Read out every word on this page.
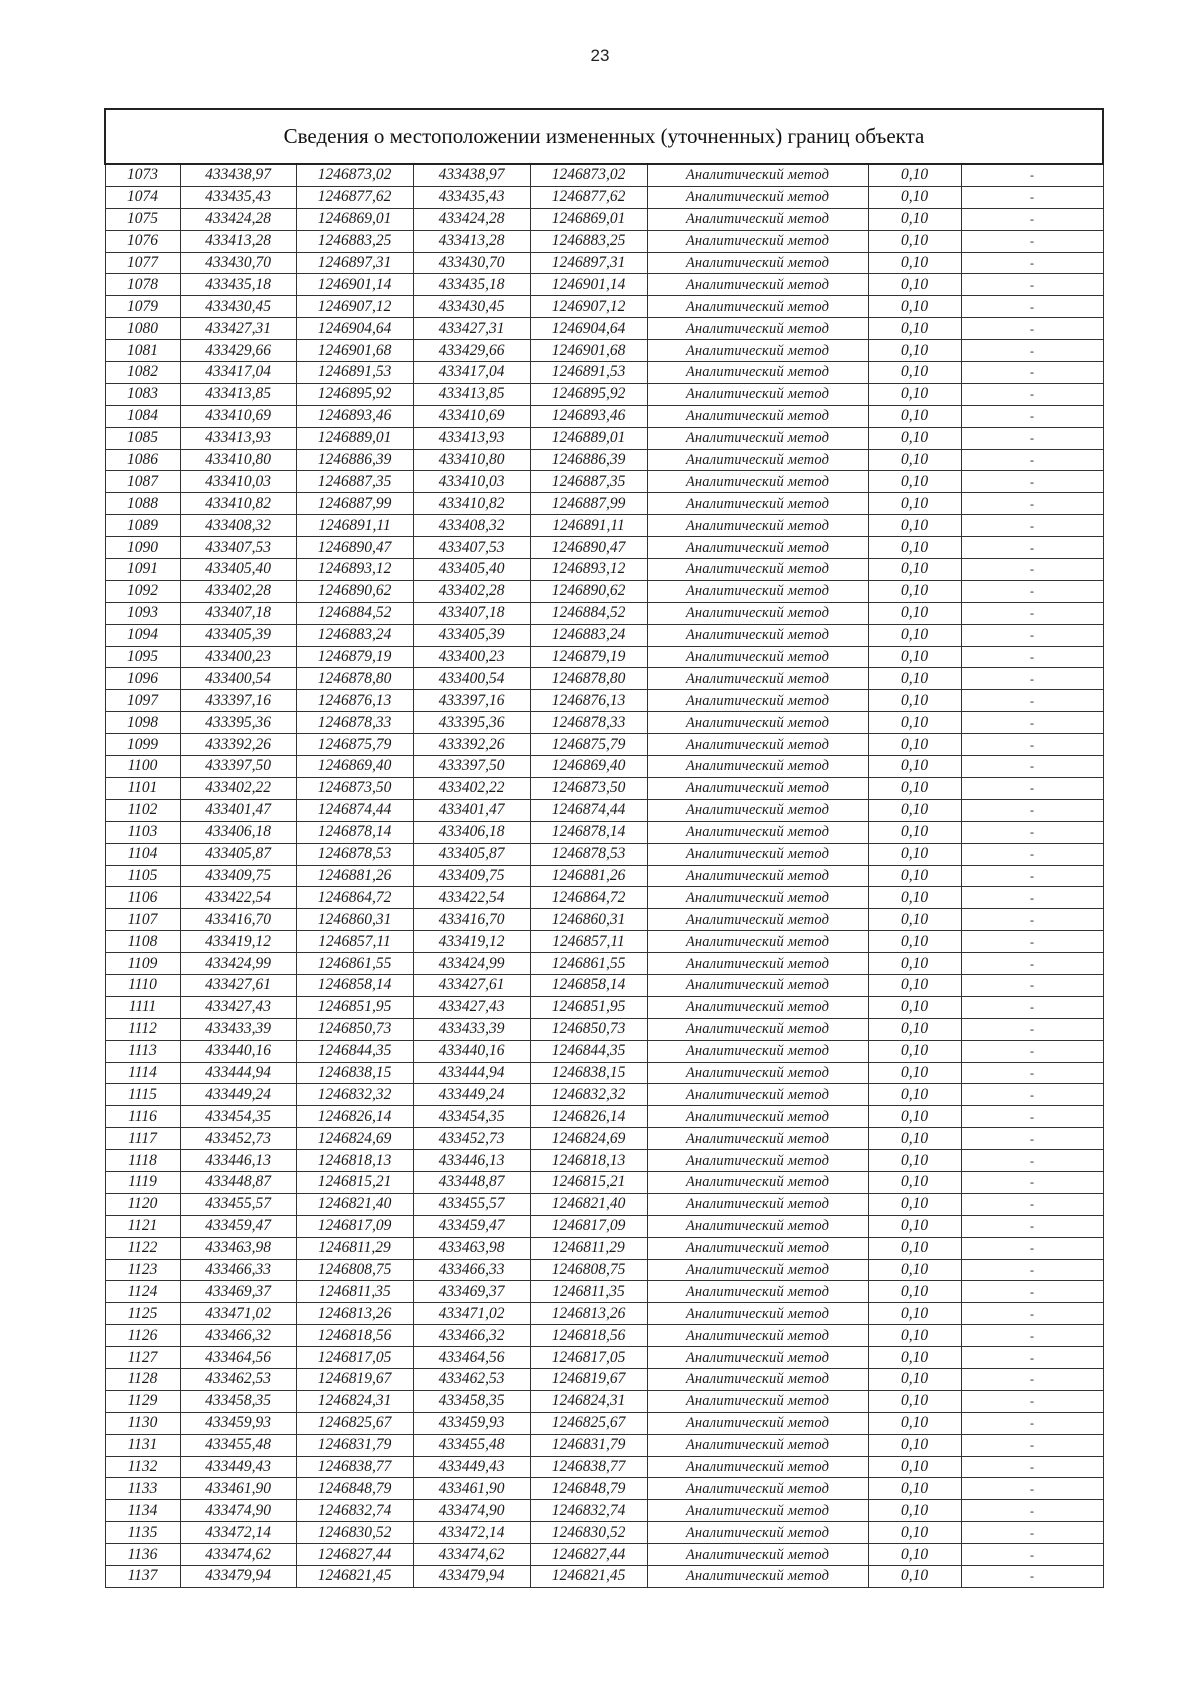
23
Сведения о местоположении измененных (уточненных) границ объекта							
1073	433438,97	1246873,02	433438,97	1246873,02	Аналитический метод	0,10	-
1074	433435,43	1246877,62	433435,43	1246877,62	Аналитический метод	0,10	-
1075	433424,28	1246869,01	433424,28	1246869,01	Аналитический метод	0,10	-
1076	433413,28	1246883,25	433413,28	1246883,25	Аналитический метод	0,10	-
1077	433430,70	1246897,31	433430,70	1246897,31	Аналитический метод	0,10	-
1078	433435,18	1246901,14	433435,18	1246901,14	Аналитический метод	0,10	-
1079	433430,45	1246907,12	433430,45	1246907,12	Аналитический метод	0,10	-
1080	433427,31	1246904,64	433427,31	1246904,64	Аналитический метод	0,10	-
1081	433429,66	1246901,68	433429,66	1246901,68	Аналитический метод	0,10	-
1082	433417,04	1246891,53	433417,04	1246891,53	Аналитический метод	0,10	-
1083	433413,85	1246895,92	433413,85	1246895,92	Аналитический метод	0,10	-
1084	433410,69	1246893,46	433410,69	1246893,46	Аналитический метод	0,10	-
1085	433413,93	1246889,01	433413,93	1246889,01	Аналитический метод	0,10	-
1086	433410,80	1246886,39	433410,80	1246886,39	Аналитический метод	0,10	-
1087	433410,03	1246887,35	433410,03	1246887,35	Аналитический метод	0,10	-
1088	433410,82	1246887,99	433410,82	1246887,99	Аналитический метод	0,10	-
1089	433408,32	1246891,11	433408,32	1246891,11	Аналитический метод	0,10	-
1090	433407,53	1246890,47	433407,53	1246890,47	Аналитический метод	0,10	-
1091	433405,40	1246893,12	433405,40	1246893,12	Аналитический метод	0,10	-
1092	433402,28	1246890,62	433402,28	1246890,62	Аналитический метод	0,10	-
1093	433407,18	1246884,52	433407,18	1246884,52	Аналитический метод	0,10	-
1094	433405,39	1246883,24	433405,39	1246883,24	Аналитический метод	0,10	-
1095	433400,23	1246879,19	433400,23	1246879,19	Аналитический метод	0,10	-
1096	433400,54	1246878,80	433400,54	1246878,80	Аналитический метод	0,10	-
1097	433397,16	1246876,13	433397,16	1246876,13	Аналитический метод	0,10	-
1098	433395,36	1246878,33	433395,36	1246878,33	Аналитический метод	0,10	-
1099	433392,26	1246875,79	433392,26	1246875,79	Аналитический метод	0,10	-
1100	433397,50	1246869,40	433397,50	1246869,40	Аналитический метод	0,10	-
1101	433402,22	1246873,50	433402,22	1246873,50	Аналитический метод	0,10	-
1102	433401,47	1246874,44	433401,47	1246874,44	Аналитический метод	0,10	-
1103	433406,18	1246878,14	433406,18	1246878,14	Аналитический метод	0,10	-
1104	433405,87	1246878,53	433405,87	1246878,53	Аналитический метод	0,10	-
1105	433409,75	1246881,26	433409,75	1246881,26	Аналитический метод	0,10	-
1106	433422,54	1246864,72	433422,54	1246864,72	Аналитический метод	0,10	-
1107	433416,70	1246860,31	433416,70	1246860,31	Аналитический метод	0,10	-
1108	433419,12	1246857,11	433419,12	1246857,11	Аналитический метод	0,10	-
1109	433424,99	1246861,55	433424,99	1246861,55	Аналитический метод	0,10	-
1110	433427,61	1246858,14	433427,61	1246858,14	Аналитический метод	0,10	-
1111	433427,43	1246851,95	433427,43	1246851,95	Аналитический метод	0,10	-
1112	433433,39	1246850,73	433433,39	1246850,73	Аналитический метод	0,10	-
1113	433440,16	1246844,35	433440,16	1246844,35	Аналитический метод	0,10	-
1114	433444,94	1246838,15	433444,94	1246838,15	Аналитический метод	0,10	-
1115	433449,24	1246832,32	433449,24	1246832,32	Аналитический метод	0,10	-
1116	433454,35	1246826,14	433454,35	1246826,14	Аналитический метод	0,10	-
1117	433452,73	1246824,69	433452,73	1246824,69	Аналитический метод	0,10	-
1118	433446,13	1246818,13	433446,13	1246818,13	Аналитический метод	0,10	-
1119	433448,87	1246815,21	433448,87	1246815,21	Аналитический метод	0,10	-
1120	433455,57	1246821,40	433455,57	1246821,40	Аналитический метод	0,10	-
1121	433459,47	1246817,09	433459,47	1246817,09	Аналитический метод	0,10	-
1122	433463,98	1246811,29	433463,98	1246811,29	Аналитический метод	0,10	-
1123	433466,33	1246808,75	433466,33	1246808,75	Аналитический метод	0,10	-
1124	433469,37	1246811,35	433469,37	1246811,35	Аналитический метод	0,10	-
1125	433471,02	1246813,26	433471,02	1246813,26	Аналитический метод	0,10	-
1126	433466,32	1246818,56	433466,32	1246818,56	Аналитический метод	0,10	-
1127	433464,56	1246817,05	433464,56	1246817,05	Аналитический метод	0,10	-
1128	433462,53	1246819,67	433462,53	1246819,67	Аналитический метод	0,10	-
1129	433458,35	1246824,31	433458,35	1246824,31	Аналитический метод	0,10	-
1130	433459,93	1246825,67	433459,93	1246825,67	Аналитический метод	0,10	-
1131	433455,48	1246831,79	433455,48	1246831,79	Аналитический метод	0,10	-
1132	433449,43	1246838,77	433449,43	1246838,77	Аналитический метод	0,10	-
1133	433461,90	1246848,79	433461,90	1246848,79	Аналитический метод	0,10	-
1134	433474,90	1246832,74	433474,90	1246832,74	Аналитический метод	0,10	-
1135	433472,14	1246830,52	433472,14	1246830,52	Аналитический метод	0,10	-
1136	433474,62	1246827,44	433474,62	1246827,44	Аналитический метод	0,10	-
1137	433479,94	1246821,45	433479,94	1246821,45	Аналитический метод	0,10	-
